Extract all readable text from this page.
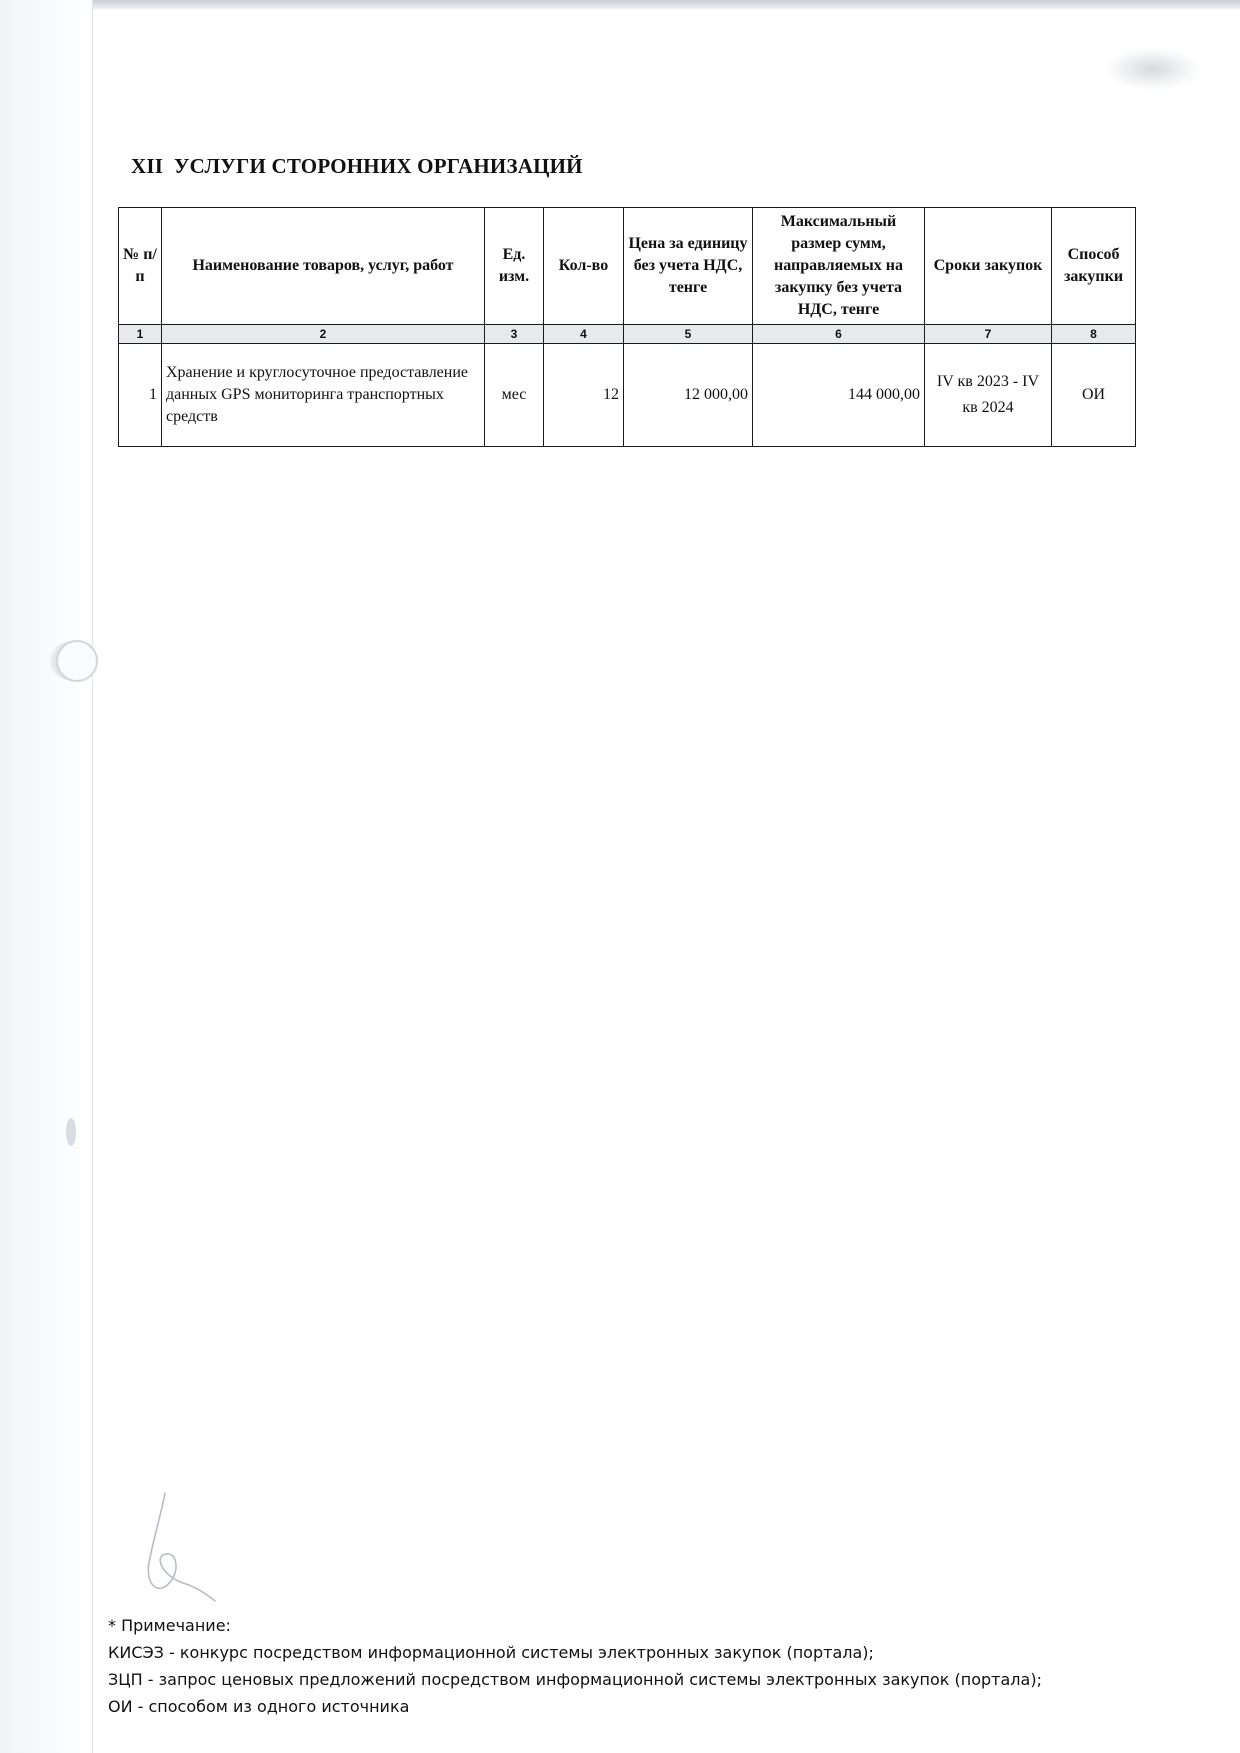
XII УСЛУГИ СТОРОННИХ ОРГАНИЗАЦИЙ
№ п/п	Наименование товаров, услуг, работ	Ед. изм.	Кол-во	Цена за единицу без учета НДС, тенге	Максимальный размер сумм, направляемых на закупку без учета НДС, тенге	Сроки закупок	Способ закупки
1	2	3	4	5	6	7	8
1	Хранение и круглосуточное предоставление данных GPS мониторинга транспортных средств	мес	12	12 000,00	144 000,00	IV кв 2023 - IV кв 2024	ОИ
* Примечание:
КИСЭЗ - конкурс посредством информационной системы электронных закупок (портала);
ЗЦП - запрос ценовых предложений посредством информационной системы электронных закупок (портала);
ОИ - способом из одного источника
